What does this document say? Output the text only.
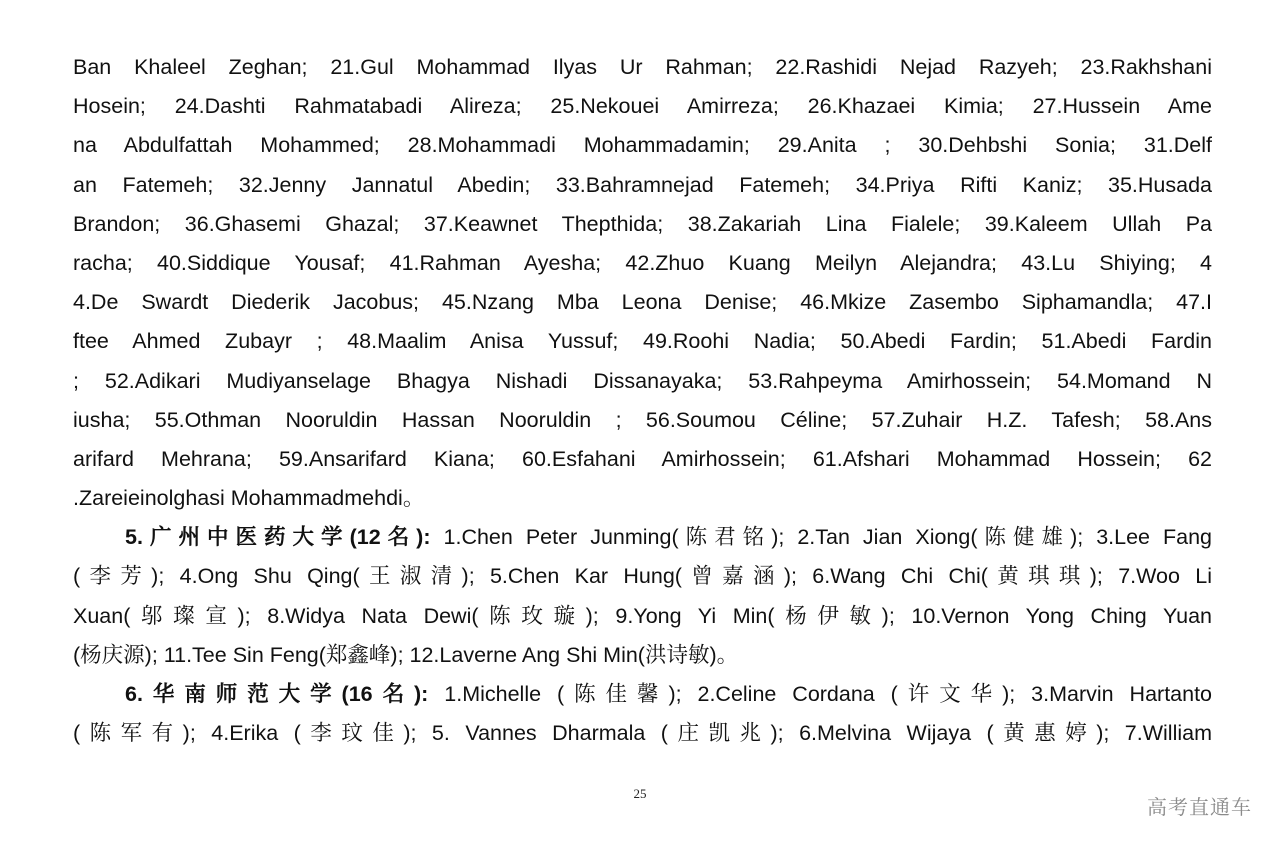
Ban Khaleel Zeghan; 21.Gul Mohammad Ilyas Ur Rahman; 22.Rashidi Nejad Razyeh; 23.Rakhshani
Hosein; 24.Dashti Rahmatabadi Alireza; 25.Nekouei Amirreza; 26.Khazaei Kimia; 27.Hussein Ame
na Abdulfattah Mohammed; 28.Mohammadi Mohammadamin; 29.Anita ; 30.Dehbshi Sonia; 31.Delf
an Fatemeh; 32.Jenny Jannatul Abedin; 33.Bahramnejad Fatemeh; 34.Priya Rifti Kaniz; 35.Husada
Brandon; 36.Ghasemi Ghazal; 37.Keawnet Thepthida; 38.Zakariah Lina Fialele; 39.Kaleem Ullah Pa
racha; 40.Siddique Yousaf; 41.Rahman Ayesha; 42.Zhuo Kuang Meilyn Alejandra; 43.Lu Shiying; 4
4.De Swardt Diederik Jacobus; 45.Nzang Mba Leona Denise; 46.Mkize Zasembo Siphamandla; 47.I
ftee Ahmed Zubayr ; 48.Maalim Anisa Yussuf; 49.Roohi Nadia; 50.Abedi Fardin; 51.Abedi Fardin
; 52.Adikari Mudiyanselage Bhagya Nishadi Dissanayaka; 53.Rahpeyma Amirhossein; 54.Momand N
iusha; 55.Othman Nooruldin Hassan Nooruldin ; 56.Soumou Céline; 57.Zuhair H.Z. Tafesh; 58.Ans
arifard Mehrana; 59.Ansarifard Kiana; 60.Esfahani Amirhossein; 61.Afshari Mohammad Hossein; 62
.Zareieinolghasi Mohammadmehdi。
5.广州中医药大学(12名): 1.Chen Peter Junming(陈君铭); 2.Tan Jian Xiong(陈健雄); 3.Lee Fang
(李芳); 4.Ong Shu Qing(王淑清); 5.Chen Kar Hung(曾嘉涵); 6.Wang Chi Chi(黄琪琪); 7.Woo Li
Xuan(邬璨宣); 8.Widya Nata Dewi(陈玫璇); 9.Yong Yi Min(杨伊敏); 10.Vernon Yong Ching Yuan
(杨庆源); 11.Tee Sin Feng(郑鑫峰); 12.Laverne Ang Shi Min(洪诗敏)。
6.华南师范大学(16名): 1.Michelle (陈佳馨); 2.Celine Cordana (许文华); 3.Marvin Hartanto
(陈军有); 4.Erika (李玟佳); 5. Vannes Dharmala (庄凯兆); 6.Melvina Wijaya (黄惠婷); 7.William
25
高考直通车
